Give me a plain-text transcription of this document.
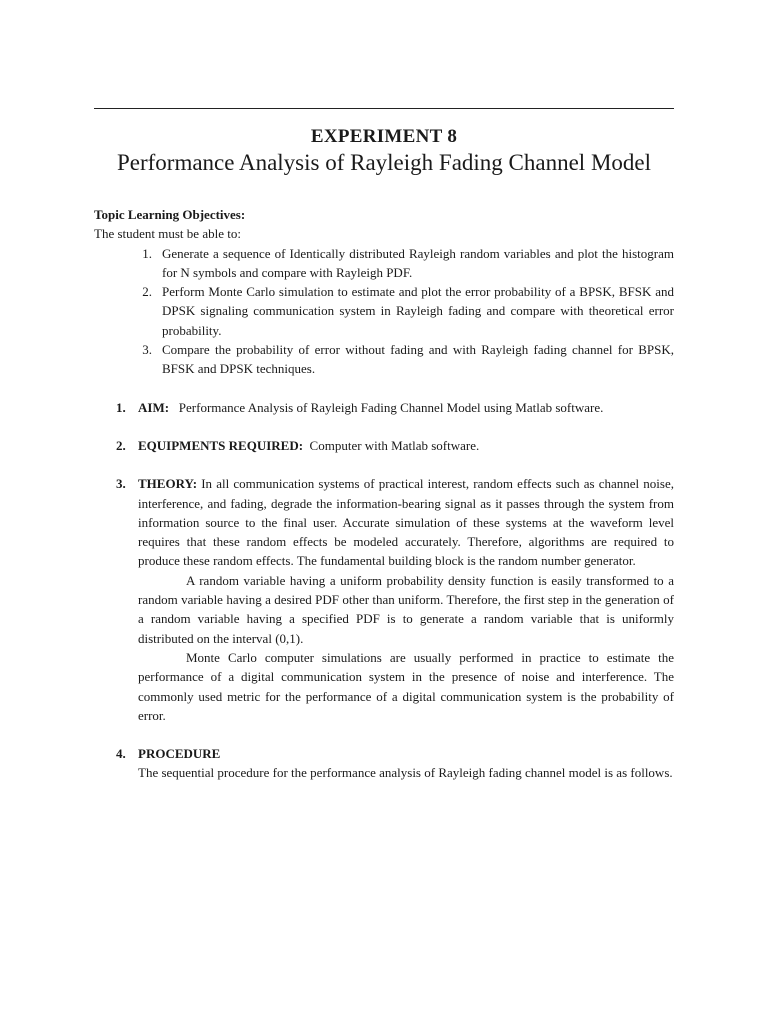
EXPERIMENT 8
Performance Analysis of Rayleigh Fading Channel Model
Topic Learning Objectives:
The student must be able to:
1. Generate a sequence of Identically distributed Rayleigh random variables and plot the histogram for N symbols and compare with Rayleigh PDF.
2. Perform Monte Carlo simulation to estimate and plot the error probability of a BPSK, BFSK and DPSK signaling communication system in Rayleigh fading and compare with theoretical error probability.
3. Compare the probability of error without fading and with Rayleigh fading channel for BPSK, BFSK and DPSK techniques.
1. AIM: Performance Analysis of Rayleigh Fading Channel Model using Matlab software.
2. EQUIPMENTS REQUIRED: Computer with Matlab software.
3. THEORY: In all communication systems of practical interest, random effects such as channel noise, interference, and fading, degrade the information-bearing signal as it passes through the system from information source to the final user. Accurate simulation of these systems at the waveform level requires that these random effects be modeled accurately. Therefore, algorithms are required to produce these random effects. The fundamental building block is the random number generator.

A random variable having a uniform probability density function is easily transformed to a random variable having a desired PDF other than uniform. Therefore, the first step in the generation of a random variable having a specified PDF is to generate a random variable that is uniformly distributed on the interval (0,1).

Monte Carlo computer simulations are usually performed in practice to estimate the performance of a digital communication system in the presence of noise and interference. The commonly used metric for the performance of a digital communication system is the probability of error.

4. PROCEDURE
The sequential procedure for the performance analysis of Rayleigh fading channel model is as follows.
